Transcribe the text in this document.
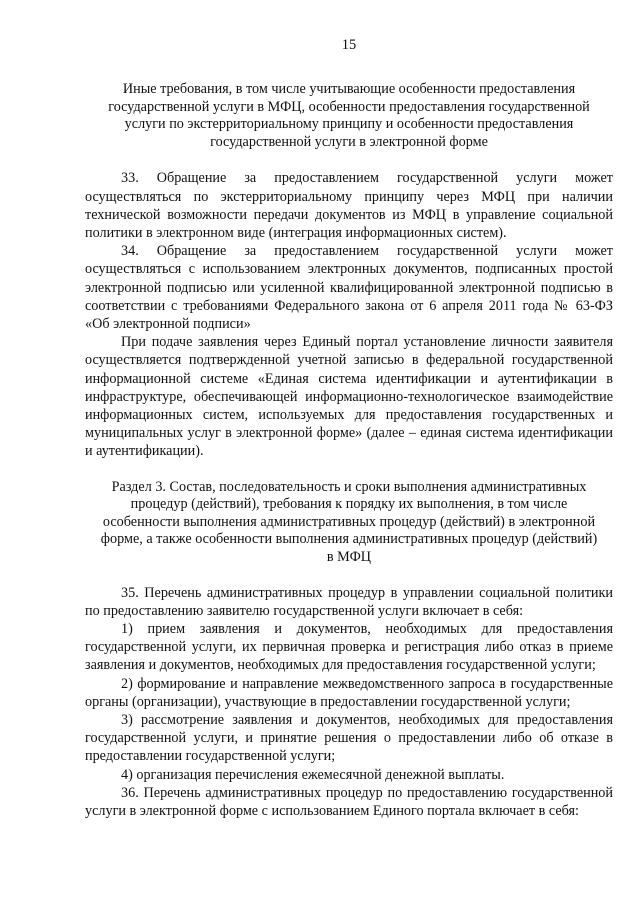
15
Иные требования, в том числе учитывающие особенности предоставления
государственной услуги в МФЦ, особенности предоставления государственной
услуги по экстерриториальному принципу и особенности предоставления
государственной услуги в электронной форме

33. Обращение за предоставлением государственной услуги может осуществляться по экстерриториальному принципу через МФЦ при наличии технической возможности передачи документов из МФЦ в управление социальной политики в электронном виде (интеграция информационных систем).

34. Обращение за предоставлением государственной услуги может осуществляться с использованием электронных документов, подписанных простой электронной подписью или усиленной квалифицированной электронной подписью в соответствии с требованиями Федерального закона от 6 апреля 2011 года № 63-ФЗ «Об электронной подписи»

При подаче заявления через Единый портал установление личности заявителя осуществляется подтвержденной учетной записью в федеральной государственной информационной системе «Единая система идентификации и аутентификации в инфраструктуре, обеспечивающей информационно-технологическое взаимодействие информационных систем, используемых для предоставления государственных и муниципальных услуг в электронной форме» (далее – единая система идентификации и аутентификации).

Раздел 3. Состав, последовательность и сроки выполнения административных
процедур (действий), требования к порядку их выполнения, в том числе
особенности выполнения административных процедур (действий) в электронной
форме, а также особенности выполнения административных процедур (действий)
в МФЦ

35. Перечень административных процедур в управлении социальной политики по предоставлению заявителю государственной услуги включает в себя:

1) прием заявления и документов, необходимых для предоставления государственной услуги, их первичная проверка и регистрация либо отказ в приеме заявления и документов, необходимых для предоставления государственной услуги;

2) формирование и направление межведомственного запроса в государственные органы (организации), участвующие в предоставлении государственной услуги;

3) рассмотрение заявления и документов, необходимых для предоставления государственной услуги, и принятие решения о предоставлении либо об отказе в предоставлении государственной услуги;

4) организация перечисления ежемесячной денежной выплаты.

36. Перечень административных процедур по предоставлению государственной услуги в электронной форме с использованием Единого портала включает в себя:
